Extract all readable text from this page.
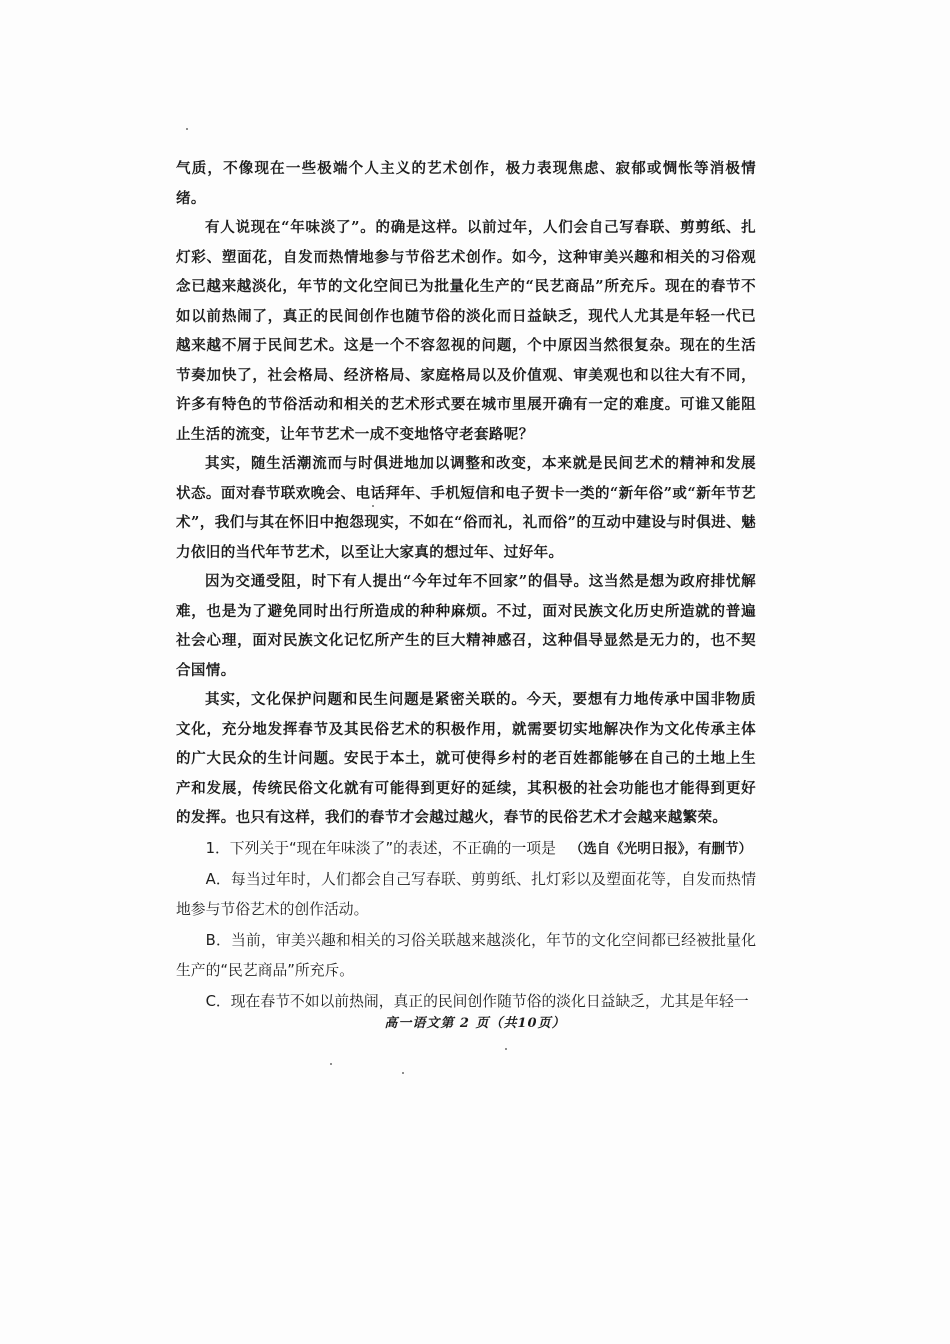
气质，不像现在一些极端个人主义的艺术创作，极力表现焦虑、寂郁或惆怅等消极情绪。

有人说现在“年味淡了”。的确是这样。以前过年，人们会自己写春联、剪剪纸、扎灯彩、塑面花，自发而热情地参与节俗艺术创作。如今，这种审美兴趣和相关的习俗观念已越来越淡化，年节的文化空间已为批量化生产的“民艺商品”所充斥。现在的春节不如以前热闹了，真正的民间创作也随节俗的淡化而日益缺乏，现代人尤其是年轻一代已越来越不屑于民间艺术。这是一个不容忽视的问题，个中原因当然很复杂。现在的生活节奏加快了，社会格局、经济格局、家庭格局以及价值观、审美观也和以往大有不同，许多有特色的节俗活动和相关的艺术形式要在城市里展开确有一定的难度。可谁又能阻止生活的流变，让年节艺术一成不变地恪守老套路呢？

其实，随生活潮流而与时俱进地加以调整和改变，本来就是民间艺术的精神和发展状态。面对春节联欢晚会、电话拜年、手机短信和电子贺卡一类的“新年俗”或“新年节艺术”，我们与其在怀旧中抱怨现实，不如在“俗而礼，礼而俗”的互动中建设与时俱进、魅力依旧的当代年节艺术，以至让大家真的想过年、过好年。

因为交通受阻，时下有人提出“今年过年不回家”的倡导。这当然是想为政府排忧解难，也是为了避免同时出行所造成的种种麻烦。不过，面对民族文化历史所造就的普遍社会心理，面对民族文化记忆所产生的巨大精神感召，这种倡导显然是无力的，也不契合国情。

其实，文化保护问题和民生问题是紧密关联的。今天，要想有力地传承中国非物质文化，充分地发挥春节及其民俗艺术的积极作用，就需要切实地解决作为文化传承主体的广大民众的生计问题。安民于本土，就可使得乡村的老百姓都能够在自己的土地上生产和发展，传统民俗文化就有可能得到更好的延续，其积极的社会功能也才能得到更好的发挥。也只有这样，我们的春节才会越过越火，春节的民俗艺术才会越来越繁荣。

（选自《光明日报》，有删节）

1．下列关于“现在年味淡了”的表述，不正确的一项是

A．每当过年时，人们都会自己写春联、剪剪纸、扎灯彩以及塑面花等，自发而热情地参与节俗艺术的创作活动。

B．当前，审美兴趣和相关的习俗关联越来越淡化，年节的文化空间都已经被批量化生产的“民艺商品”所充斥。

C．现在春节不如以前热闹，真正的民间创作随节俗的淡化日益缺乏，尤其是年轻一

高一语文第 2 页（共10页）
